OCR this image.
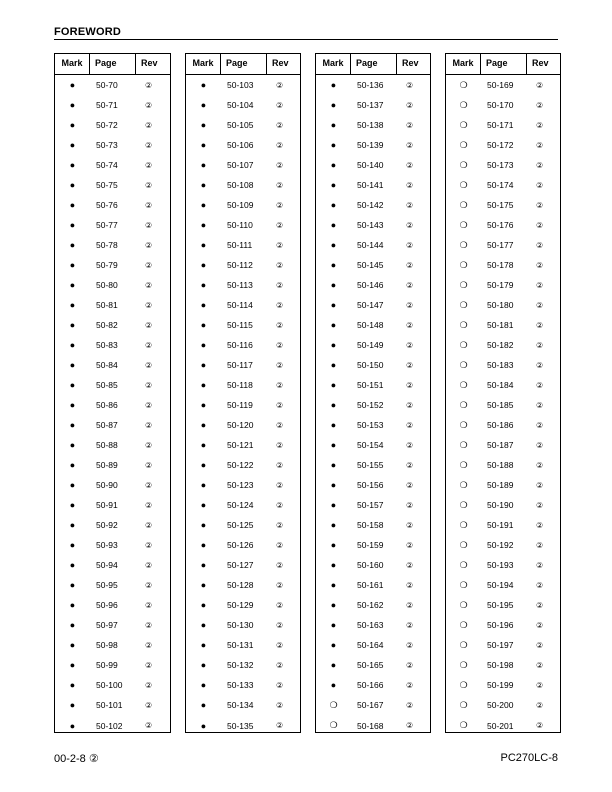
FOREWORD
Mark	Page	Rev
●	50-70	②
●	50-71	②
●	50-72	②
●	50-73	②
●	50-74	②
●	50-75	②
●	50-76	②
●	50-77	②
●	50-78	②
●	50-79	②
●	50-80	②
●	50-81	②
●	50-82	②
●	50-83	②
●	50-84	②
●	50-85	②
●	50-86	②
●	50-87	②
●	50-88	②
●	50-89	②
●	50-90	②
●	50-91	②
●	50-92	②
●	50-93	②
●	50-94	②
●	50-95	②
●	50-96	②
●	50-97	②
●	50-98	②
●	50-99	②
●	50-100	②
●	50-101	②
●	50-102	②
Mark	Page	Rev
●	50-103	②
●	50-104	②
●	50-105	②
●	50-106	②
●	50-107	②
●	50-108	②
●	50-109	②
●	50-110	②
●	50-111	②
●	50-112	②
●	50-113	②
●	50-114	②
●	50-115	②
●	50-116	②
●	50-117	②
●	50-118	②
●	50-119	②
●	50-120	②
●	50-121	②
●	50-122	②
●	50-123	②
●	50-124	②
●	50-125	②
●	50-126	②
●	50-127	②
●	50-128	②
●	50-129	②
●	50-130	②
●	50-131	②
●	50-132	②
●	50-133	②
●	50-134	②
●	50-135	②
Mark	Page	Rev
●	50-136	②
●	50-137	②
●	50-138	②
●	50-139	②
●	50-140	②
●	50-141	②
●	50-142	②
●	50-143	②
●	50-144	②
●	50-145	②
●	50-146	②
●	50-147	②
●	50-148	②
●	50-149	②
●	50-150	②
●	50-151	②
●	50-152	②
●	50-153	②
●	50-154	②
●	50-155	②
●	50-156	②
●	50-157	②
●	50-158	②
●	50-159	②
●	50-160	②
●	50-161	②
●	50-162	②
●	50-163	②
●	50-164	②
●	50-165	②
●	50-166	②
❍	50-167	②
❍	50-168	②
Mark	Page	Rev
❍	50-169	②
❍	50-170	②
❍	50-171	②
❍	50-172	②
❍	50-173	②
❍	50-174	②
❍	50-175	②
❍	50-176	②
❍	50-177	②
❍	50-178	②
❍	50-179	②
❍	50-180	②
❍	50-181	②
❍	50-182	②
❍	50-183	②
❍	50-184	②
❍	50-185	②
❍	50-186	②
❍	50-187	②
❍	50-188	②
❍	50-189	②
❍	50-190	②
❍	50-191	②
❍	50-192	②
❍	50-193	②
❍	50-194	②
❍	50-195	②
❍	50-196	②
❍	50-197	②
❍	50-198	②
❍	50-199	②
❍	50-200	②
❍	50-201	②
00-2-8 ②	PC270LC-8
